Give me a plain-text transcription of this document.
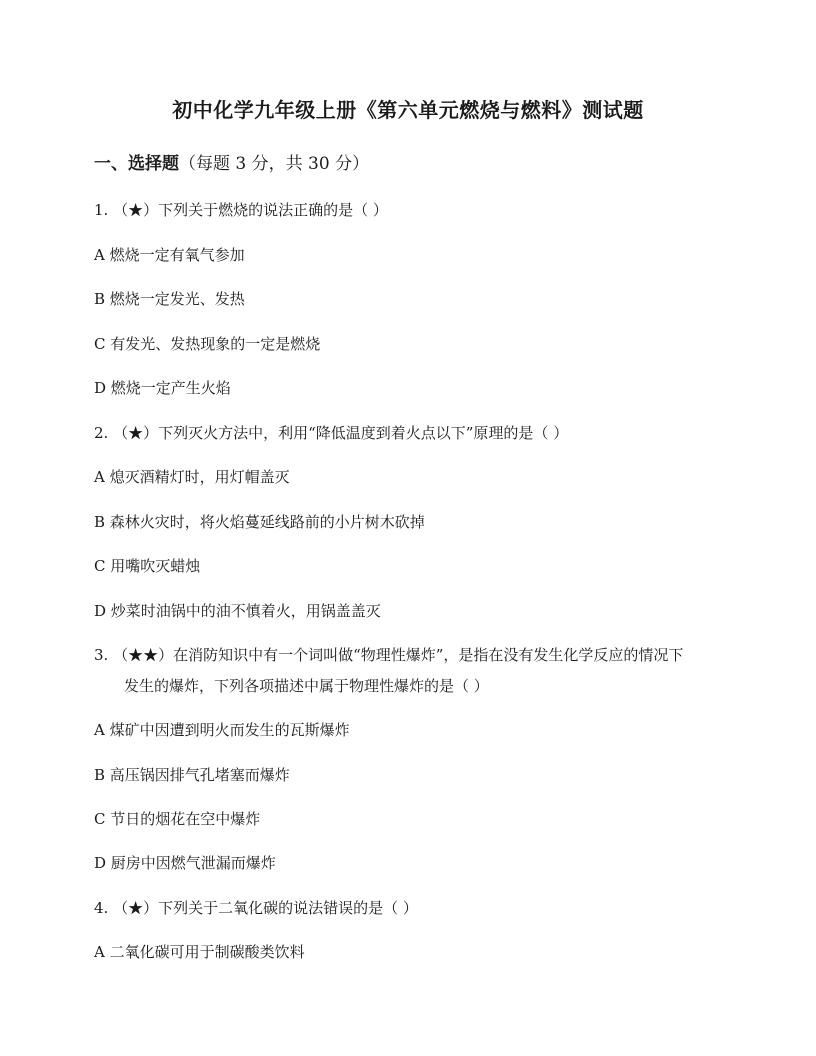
初中化学九年级上册《第六单元燃烧与燃料》测试题

一、选择题（每题 3 分，共 30 分）

1. （★）下列关于燃烧的说法正确的是（ ）

A 燃烧一定有氧气参加

B 燃烧一定发光、发热

C 有发光、发热现象的一定是燃烧

D 燃烧一定产生火焰

2. （★）下列灭火方法中，利用“降低温度到着火点以下”原理的是（ ）

A 熄灭酒精灯时，用灯帽盖灭

B 森林火灾时，将火焰蔓延线路前的小片树木砍掉

C 用嘴吹灭蜡烛

D 炒菜时油锅中的油不慎着火，用锅盖盖灭

3. （★★）在消防知识中有一个词叫做“物理性爆炸”，是指在没有发生化学反应的情况下

发生的爆炸，下列各项描述中属于物理性爆炸的是（ ）

A 煤矿中因遭到明火而发生的瓦斯爆炸

B 高压锅因排气孔堵塞而爆炸

C 节日的烟花在空中爆炸

D 厨房中因燃气泄漏而爆炸

4. （★）下列关于二氧化碳的说法错误的是（ ）

A 二氧化碳可用于制碳酸类饮料
